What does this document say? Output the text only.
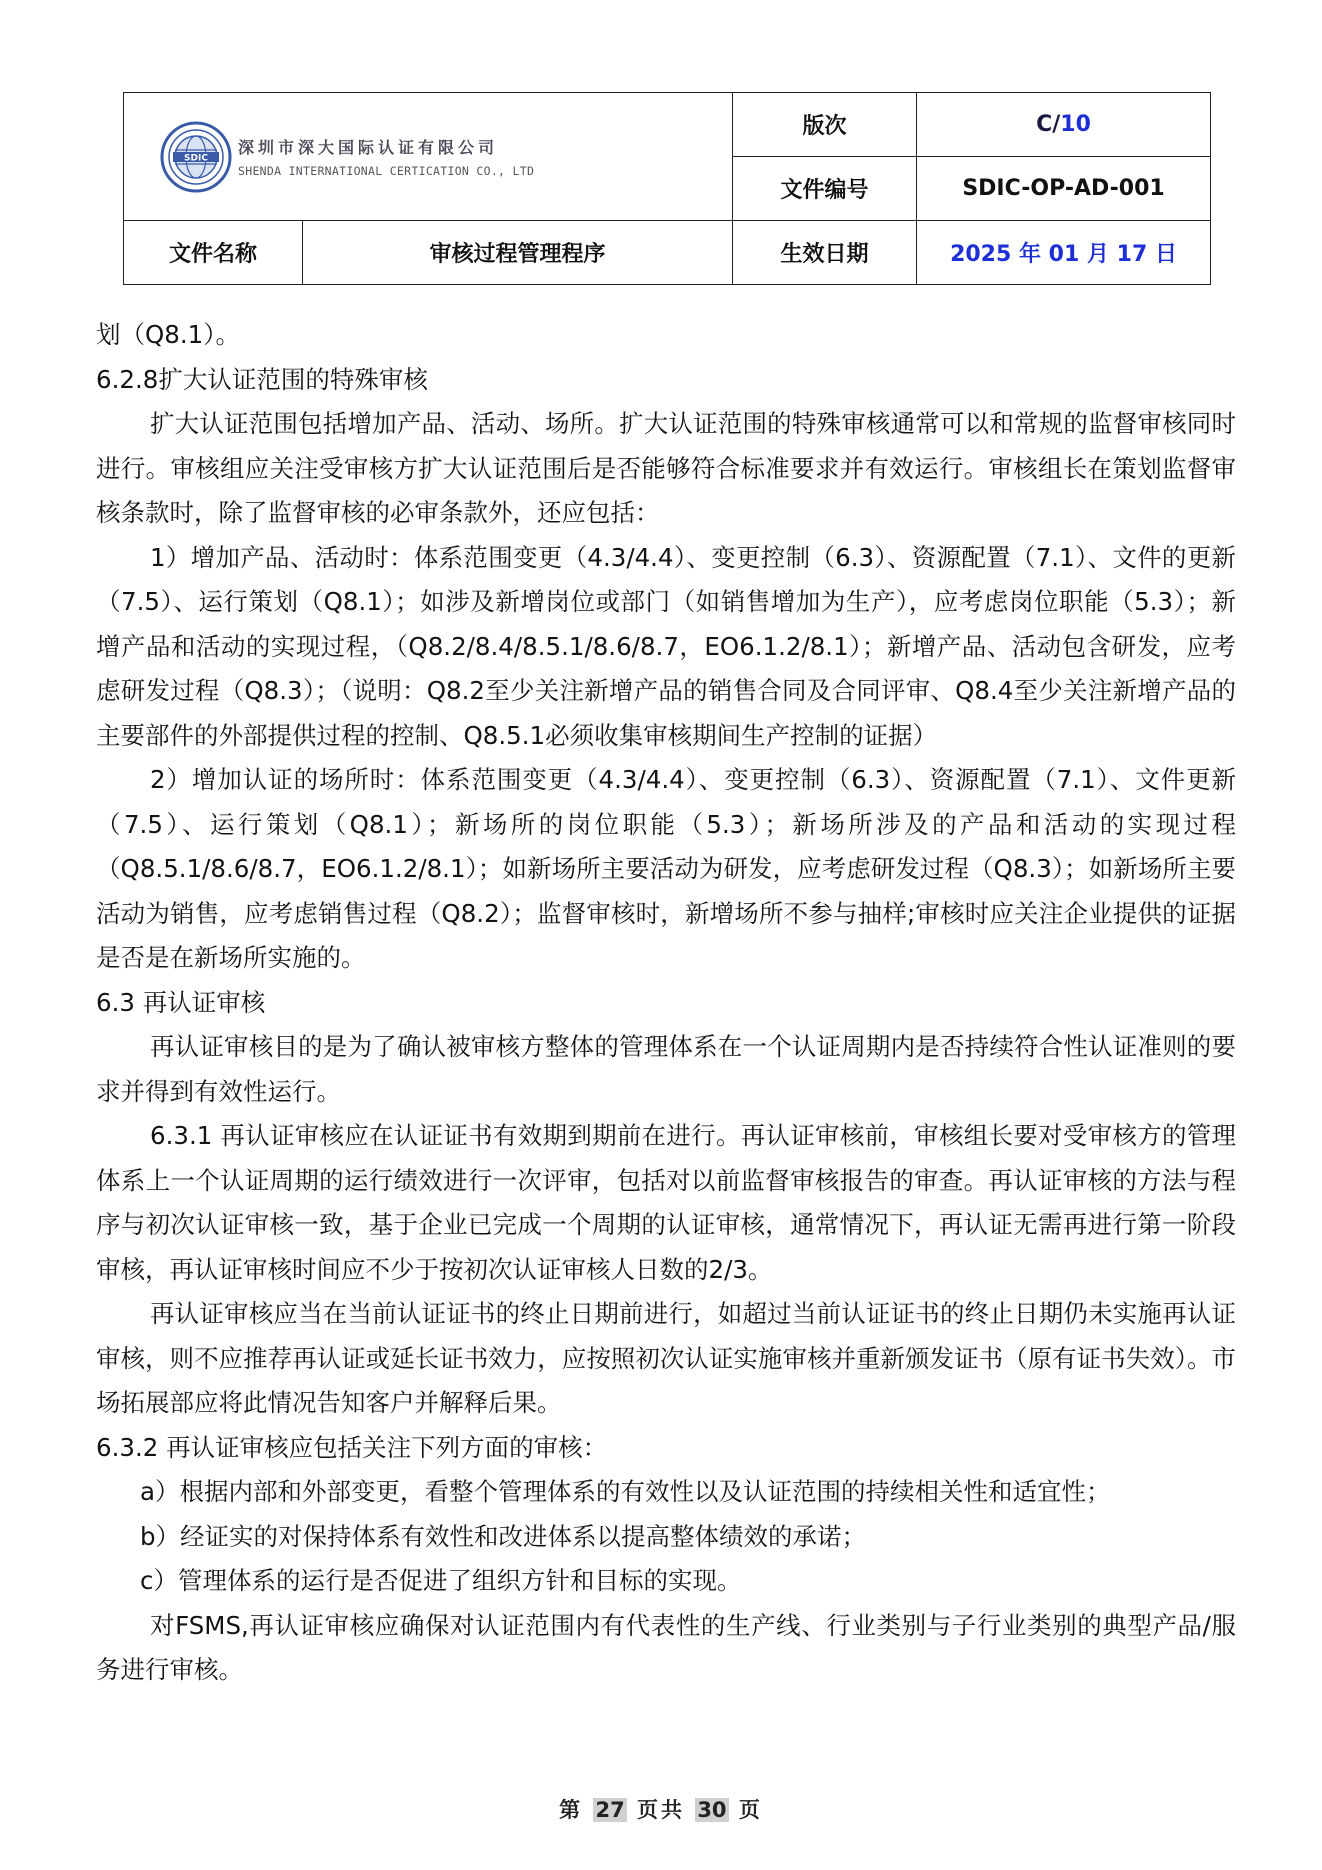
SDIC
深圳市深大国际认证有限公司
SHENDA INTERNATIONAL CERTICATION CO., LTD		版次	C/10
		文件编号	SDIC-OP-AD-001
文件名称	审核过程管理程序	生效日期	2025 年 01 月 17 日

划（Q8.1）。

6.2.8扩大认证范围的特殊审核

扩大认证范围包括增加产品、活动、场所。扩大认证范围的特殊审核通常可以和常规的监督审核同时进行。审核组应关注受审核方扩大认证范围后是否能够符合标准要求并有效运行。审核组长在策划监督审核条款时，除了监督审核的必审条款外，还应包括：

1）增加产品、活动时：体系范围变更（4.3/4.4）、变更控制（6.3）、资源配置（7.1）、文件的更新（7.5）、运行策划（Q8.1）；如涉及新增岗位或部门（如销售增加为生产），应考虑岗位职能（5.3）；新增产品和活动的实现过程，（Q8.2/8.4/8.5.1/8.6/8.7，EO6.1.2/8.1）；新增产品、活动包含研发，应考虑研发过程（Q8.3）；（说明：Q8.2至少关注新增产品的销售合同及合同评审、Q8.4至少关注新增产品的主要部件的外部提供过程的控制、Q8.5.1必须收集审核期间生产控制的证据）

2）增加认证的场所时：体系范围变更（4.3/4.4）、变更控制（6.3）、资源配置（7.1）、文件更新（7.5）、运行策划（Q8.1）；新场所的岗位职能（5.3）；新场所涉及的产品和活动的实现过程（Q8.5.1/8.6/8.7，EO6.1.2/8.1）；如新场所主要活动为研发，应考虑研发过程（Q8.3）；如新场所主要活动为销售，应考虑销售过程（Q8.2）；监督审核时，新增场所不参与抽样;审核时应关注企业提供的证据是否是在新场所实施的。

6.3 再认证审核

再认证审核目的是为了确认被审核方整体的管理体系在一个认证周期内是否持续符合性认证准则的要求并得到有效性运行。

6.3.1 再认证审核应在认证证书有效期到期前在进行。再认证审核前，审核组长要对受审核方的管理体系上一个认证周期的运行绩效进行一次评审，包括对以前监督审核报告的审查。再认证审核的方法与程序与初次认证审核一致，基于企业已完成一个周期的认证审核，通常情况下，再认证无需再进行第一阶段审核，再认证审核时间应不少于按初次认证审核人日数的2/3。

再认证审核应当在当前认证证书的终止日期前进行，如超过当前认证证书的终止日期仍未实施再认证审核，则不应推荐再认证或延长证书效力，应按照初次认证实施审核并重新颁发证书（原有证书失效）。市场拓展部应将此情况告知客户并解释后果。

6.3.2 再认证审核应包括关注下列方面的审核：

a）根据内部和外部变更，看整个管理体系的有效性以及认证范围的持续相关性和适宜性；

b）经证实的对保持体系有效性和改进体系以提高整体绩效的承诺；

c）管理体系的运行是否促进了组织方针和目标的实现。

对FSMS,再认证审核应确保对认证范围内有代表性的生产线、行业类别与子行业类别的典型产品/服务进行审核。

第 27 页共 30 页
